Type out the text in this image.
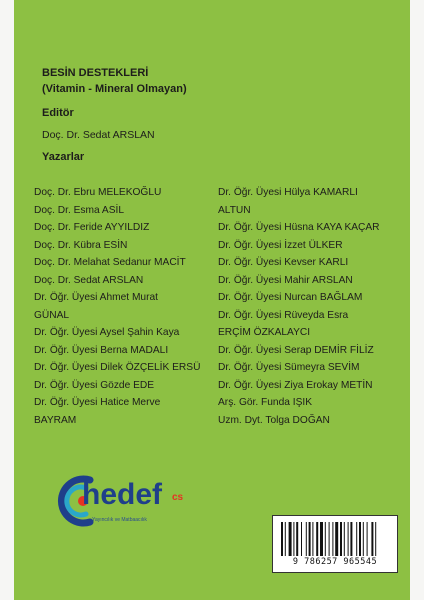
BESİN DESTEKLERİ
(Vitamin - Mineral Olmayan)
Editör
Doç. Dr. Sedat ARSLAN
Yazarlar
Doç. Dr. Ebru MELEKOĞLU
Doç. Dr. Esma ASİL
Doç. Dr. Feride AYYILDIZ
Doç. Dr. Kübra ESİN
Doç. Dr. Melahat Sedanur MACİT
Doç. Dr. Sedat ARSLAN
Dr. Öğr. Üyesi Ahmet Murat
GÜNAL
Dr. Öğr. Üyesi Aysel Şahin Kaya
Dr. Öğr. Üyesi Berna MADALI
Dr. Öğr. Üyesi Dilek ÖZÇELİK ERSÜ
Dr. Öğr. Üyesi Gözde EDE
Dr. Öğr. Üyesi Hatice Merve
BAYRAM
Dr. Öğr. Üyesi Hülya KAMARLI
ALTUN
Dr. Öğr. Üyesi Hüsna KAYA KAÇAR
Dr. Öğr. Üyesi İzzet ÜLKER
Dr. Öğr. Üyesi Kevser KARLI
Dr. Öğr. Üyesi Mahir ARSLAN
Dr. Öğr. Üyesi Nurcan BAĞLAM
Dr. Öğr. Üyesi Rüveyda Esra
ERÇİM ÖZKALAYCI
Dr. Öğr. Üyesi Serap DEMİR FİLİZ
Dr. Öğr. Üyesi Sümeyra SEVİM
Dr. Öğr. Üyesi Ziya Erokay METİN
Arş. Gör. Funda IŞIK
Uzm. Dyt. Tolga DOĞAN
hedef cs
Yayıncılık ve Matbaacılık
9 786257 965545
